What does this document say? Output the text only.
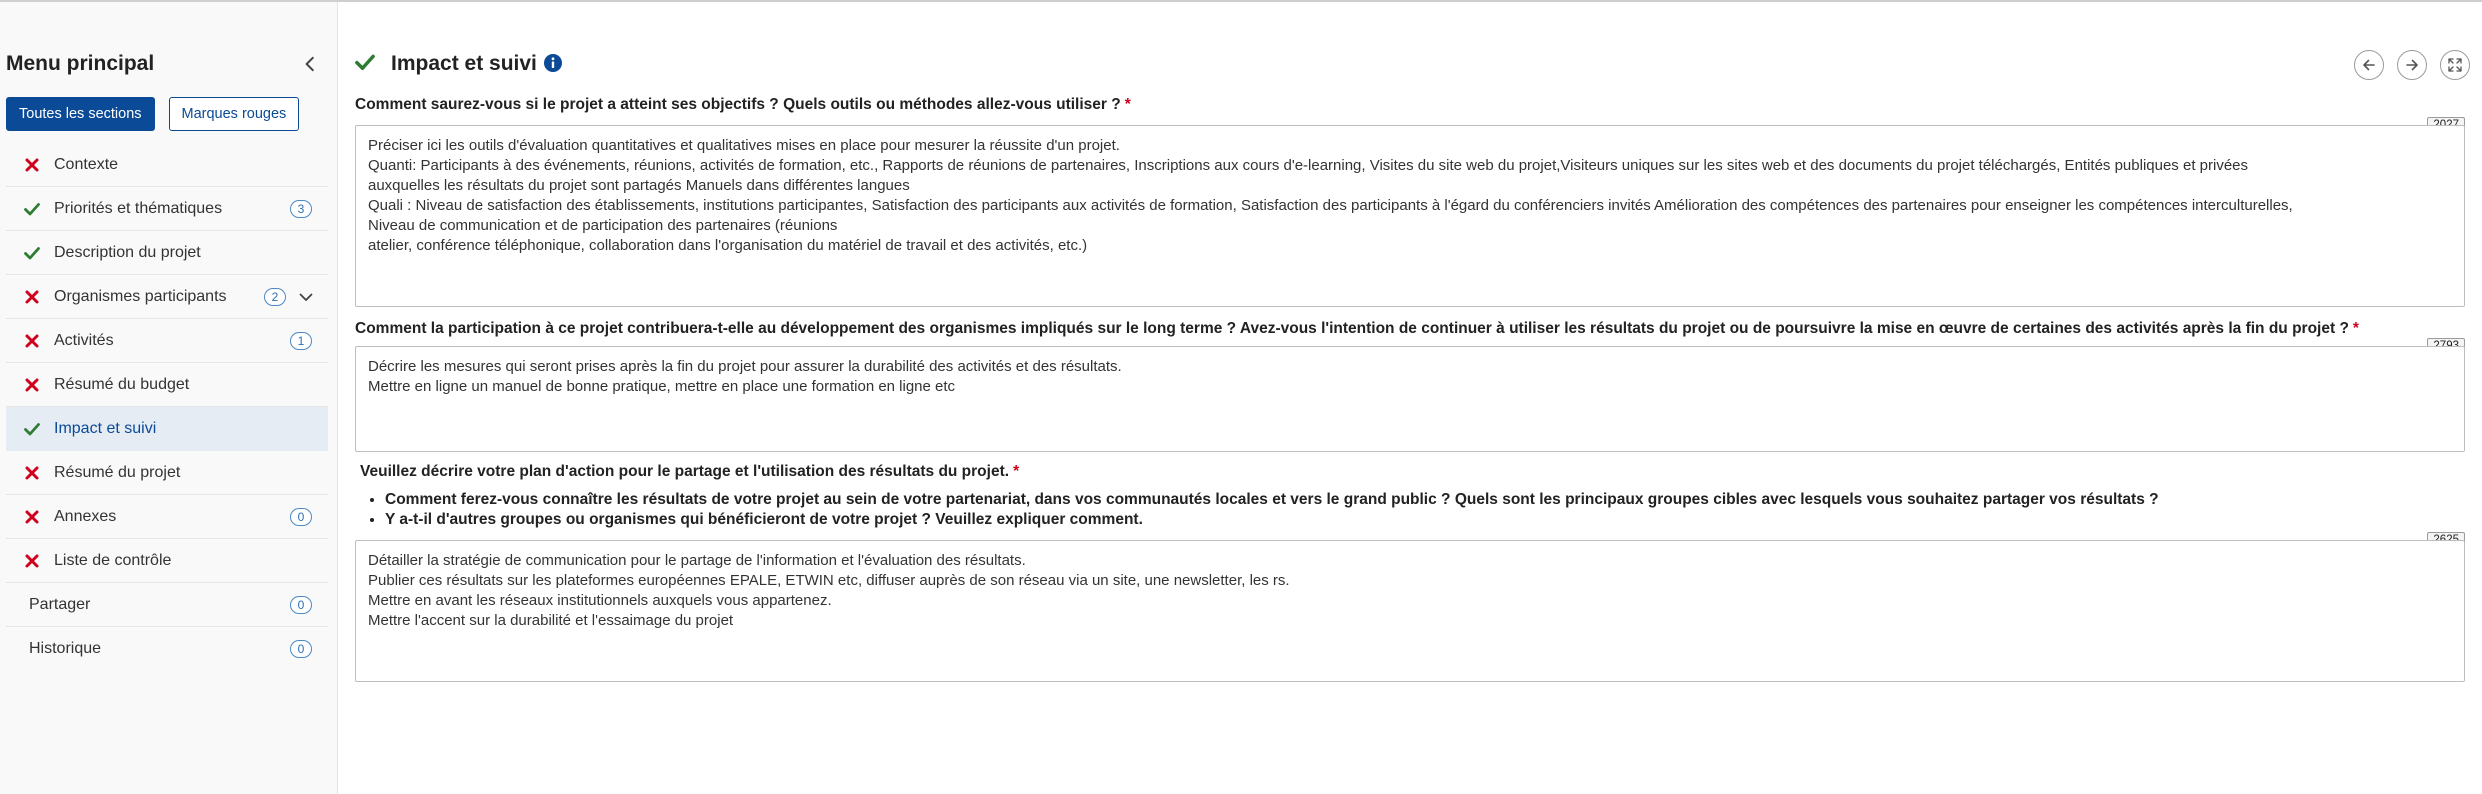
Menu principal
Toutes les sections	Marques rouges
Contexte
Priorités et thématiques	3
Description du projet
Organismes participants	2
Activités	1
Résumé du budget
Impact et suivi
Résumé du projet
Annexes	0
Liste de contrôle
Partager	0
Historique	0
Impact et suivi
Comment saurez-vous si le projet a atteint ses objectifs ? Quels outils ou méthodes allez-vous utiliser ? *

Préciser ici les outils d'évaluation quantitatives et qualitatives mises en place pour mesurer la réussite d'un projet.

Quanti: Participants à des événements, réunions, activités de formation, etc., Rapports de réunions de partenaires, Inscriptions aux cours d'e-learning, Visites du site web du projet,Visiteurs uniques sur les sites web et des documents du projet téléchargés, Entités publiques et privées

auxquelles les résultats du projet sont partagés Manuels dans différentes langues

Quali : Niveau de satisfaction des établissements, institutions participantes, Satisfaction des participants aux activités de formation, Satisfaction des participants à l'égard du conférenciers invités Amélioration des compétences des partenaires pour enseigner les compétences interculturelles,

Niveau de communication et de participation des partenaires (réunions

atelier, conférence téléphonique, collaboration dans l'organisation du matériel de travail et des activités, etc.)

Comment la participation à ce projet contribuera-t-elle au développement des organismes impliqués sur le long terme ? Avez-vous l'intention de continuer à utiliser les résultats du projet ou de poursuivre la mise en œuvre de certaines des activités après la fin du projet ? *

Décrire les mesures qui seront prises après la fin du projet pour assurer la durabilité des activités et des résultats.

Mettre en ligne un manuel de bonne pratique, mettre en place une formation en ligne etc

Veuillez décrire votre plan d'action pour le partage et l'utilisation des résultats du projet. *
• Comment ferez-vous connaître les résultats de votre projet au sein de votre partenariat, dans vos communautés locales et vers le grand public ? Quels sont les principaux groupes cibles avec lesquels vous souhaitez partager vos résultats ?
• Y a-t-il d'autres groupes ou organismes qui bénéficieront de votre projet ? Veuillez expliquer comment.

Détailler la stratégie de communication pour le partage de l'information et l'évaluation des résultats.

Publier ces résultats sur les plateformes européennes EPALE, ETWIN etc, diffuser auprès de son réseau via un site, une newsletter, les rs.

Mettre en avant les réseaux institutionnels auxquels vous appartenez.

Mettre l'accent sur la durabilité et l'essaimage du projet
